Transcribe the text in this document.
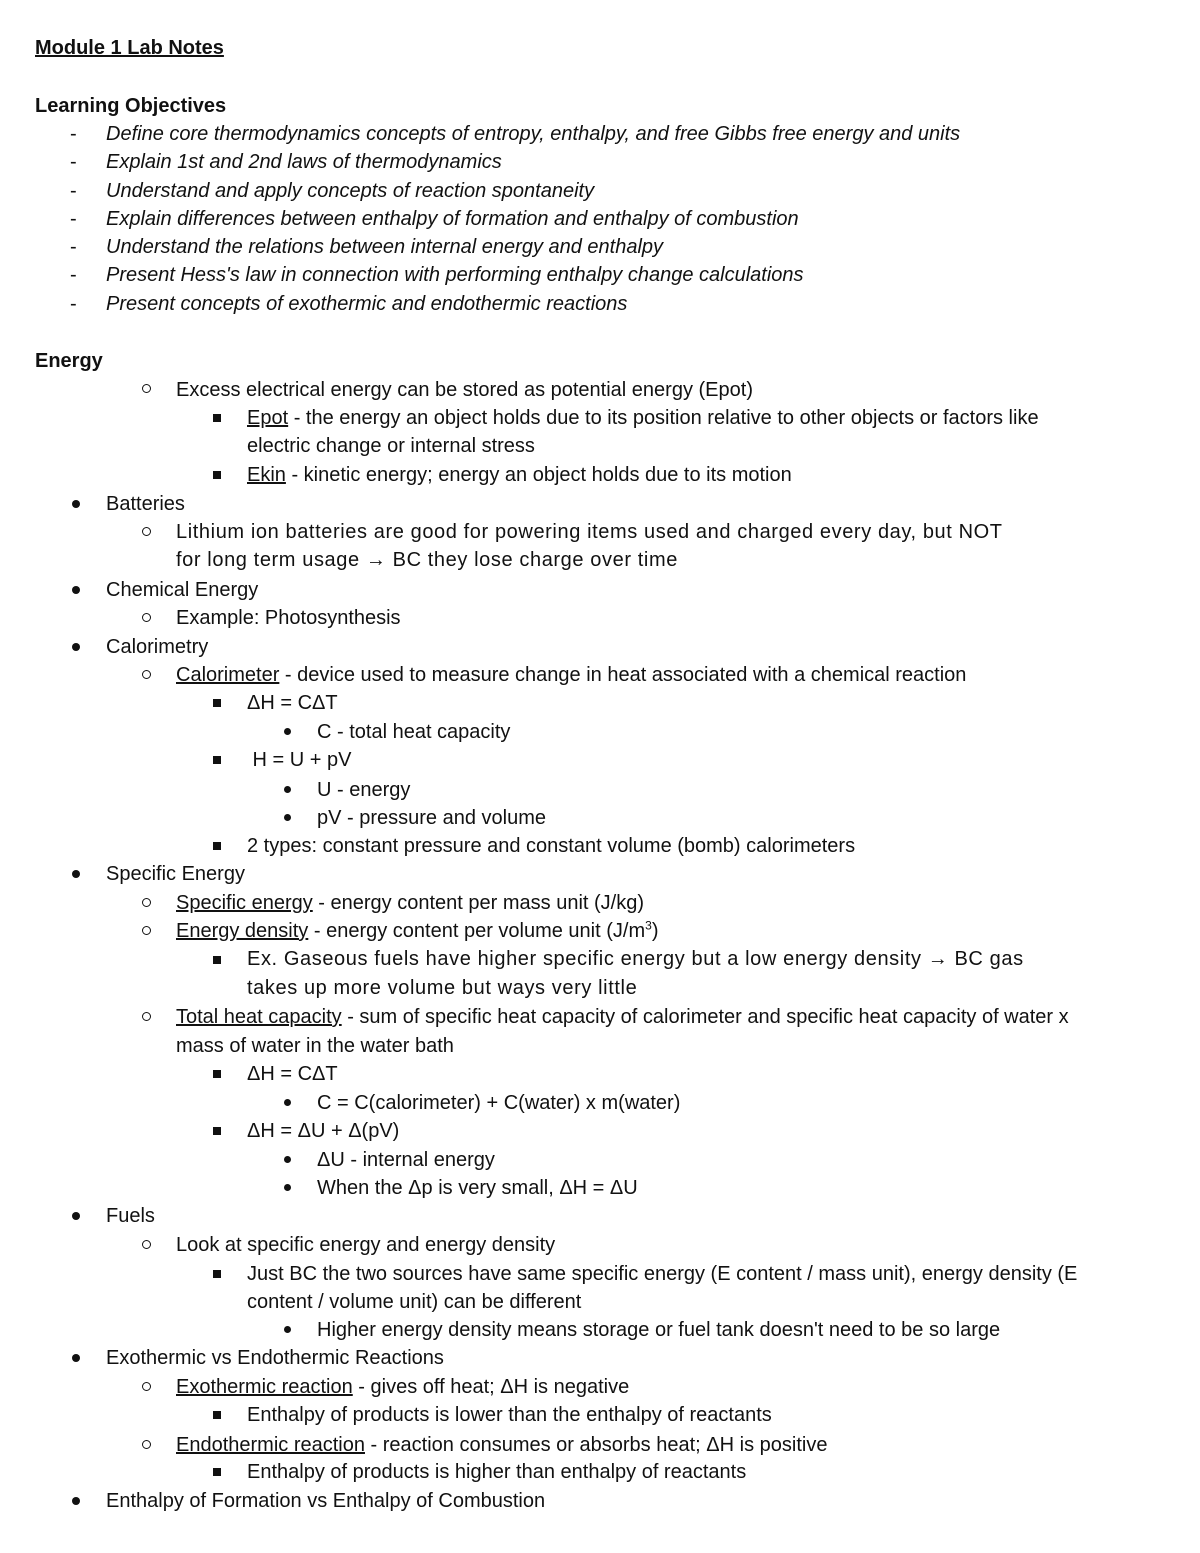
Module 1 Lab Notes
Learning Objectives
- Define core thermodynamics concepts of entropy, enthalpy, and free Gibbs free energy and units
- Explain 1st and 2nd laws of thermodynamics
- Understand and apply concepts of reaction spontaneity
- Explain differences between enthalpy of formation and enthalpy of combustion
- Understand the relations between internal energy and enthalpy
- Present Hess's law in connection with performing enthalpy change calculations
- Present concepts of exothermic and endothermic reactions
Energy
Excess electrical energy can be stored as potential energy (Epot)
Epot - the energy an object holds due to its position relative to other objects or factors like
electric change or internal stress
Ekin - kinetic energy; energy an object holds due to its motion
Batteries
Lithium ion batteries are good for powering items used and charged every day, but NOT
for long term usage → BC they lose charge over time
Chemical Energy
Example: Photosynthesis
Calorimetry
Calorimeter - device used to measure change in heat associated with a chemical reaction
ΔH = CΔT
C - total heat capacity
H = U + pV
U - energy
pV - pressure and volume
2 types: constant pressure and constant volume (bomb) calorimeters
Specific Energy
Specific energy - energy content per mass unit (J/kg)
Energy density - energy content per volume unit $(J/m^3)$
Ex. Gaseous fuels have higher specific energy but a low energy density → BC gas
takes up more volume but ways very little
Total heat capacity - sum of specific heat capacity of calorimeter and specific heat capacity of water x
mass of water in the water bath
ΔH = CΔT
C = C(calorimeter) + C(water) x m(water)
ΔH = ΔU + Δ(pV)
ΔU - internal energy
When the Δp is very small, ΔH = ΔU
Fuels
Look at specific energy and energy density
Just BC the two sources have same specific energy (E content / mass unit), energy density (E
content / volume unit) can be different
Higher energy density means storage or fuel tank doesn't need to be so large
Exothermic vs Endothermic Reactions
Exothermic reaction - gives off heat; ΔH is negative
Enthalpy of products is lower than the enthalpy of reactants
Endothermic reaction - reaction consumes or absorbs heat; ΔH is positive
Enthalpy of products is higher than enthalpy of reactants
Enthalpy of Formation vs Enthalpy of Combustion
